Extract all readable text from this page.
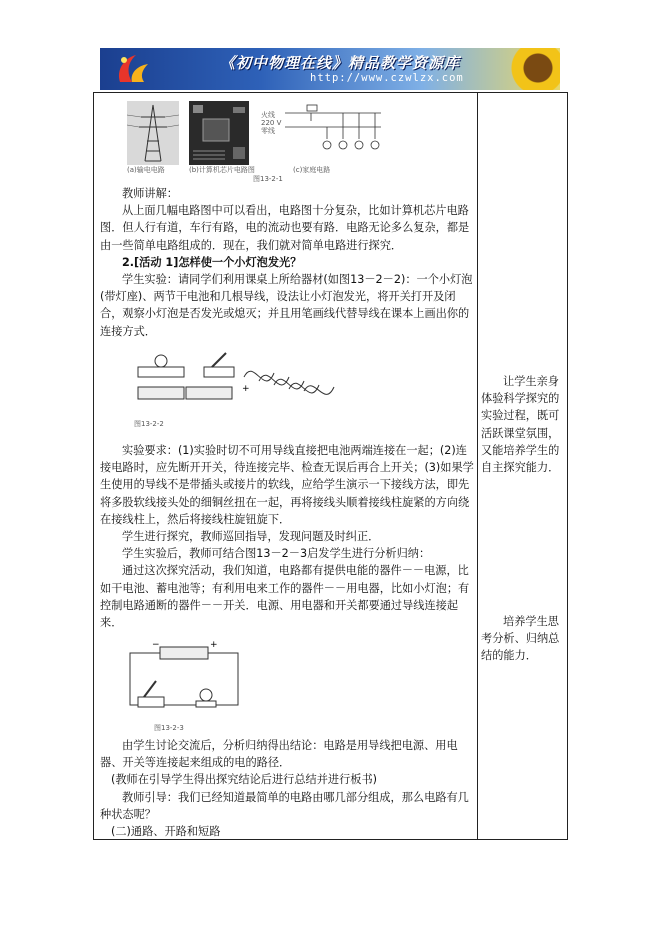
《初中物理在线》精品教学资源库
http://www.czwlzx.com
(a)输电电路	(b)计算机芯片电路图
火线
220 V
零线
(c)家庭电路
图13-2-1

教师讲解：

从上面几幅电路图中可以看出，电路图十分复杂，比如计算机芯片电路图．但人行有道，车行有路，电的流动也要有路．电路无论多么复杂，都是由一些简单电路组成的．现在，我们就对简单电路进行探究．

2.[活动 1]怎样使一个小灯泡发光？

学生实验：请同学们利用课桌上所给器材(如图13－2－2)：一个小灯泡(带灯座)、两节干电池和几根导线，设法让小灯泡发光，将开关打开及闭合，观察小灯泡是否发光或熄灭；并且用笔画线代替导线在课本上画出你的连接方式．

+
图13-2-2

实验要求：(1)实验时切不可用导线直接把电池两端连接在一起；(2)连接电路时，应先断开开关，待连接完毕、检查无误后再合上开关；(3)如果学生使用的导线不是带插头或接片的软线，应给学生演示一下接线方法，即先将多股软线接头处的细铜丝扭在一起，再将接线头顺着接线柱旋紧的方向绕在接线柱上，然后将接线柱旋钮旋下．

学生进行探究，教师巡回指导，发现问题及时纠正．

学生实验后，教师可结合图13－2－3启发学生进行分析归纳：

通过这次探究活动，我们知道，电路都有提供电能的器件－－电源，比如干电池、蓄电池等；有利用电来工作的器件－－用电器，比如小灯泡；有控制电路通断的器件－－开关．电源、用电器和开关都要通过导线连接起来．

−	+
图13-2-3

由学生讨论交流后，分析归纳得出结论：电路是用导线把电源、用电器、开关等连接起来组成的电的路径．

(教师在引导学生得出探究结论后进行总结并进行板书)

教师引导：我们已经知道最简单的电路由哪几部分组成，那么电路有几种状态呢？

(二)通路、开路和短路

让学生亲身体验科学探究的实验过程，既可活跃课堂氛围，又能培养学生的自主探究能力．

培养学生思考分析、归纳总结的能力．
